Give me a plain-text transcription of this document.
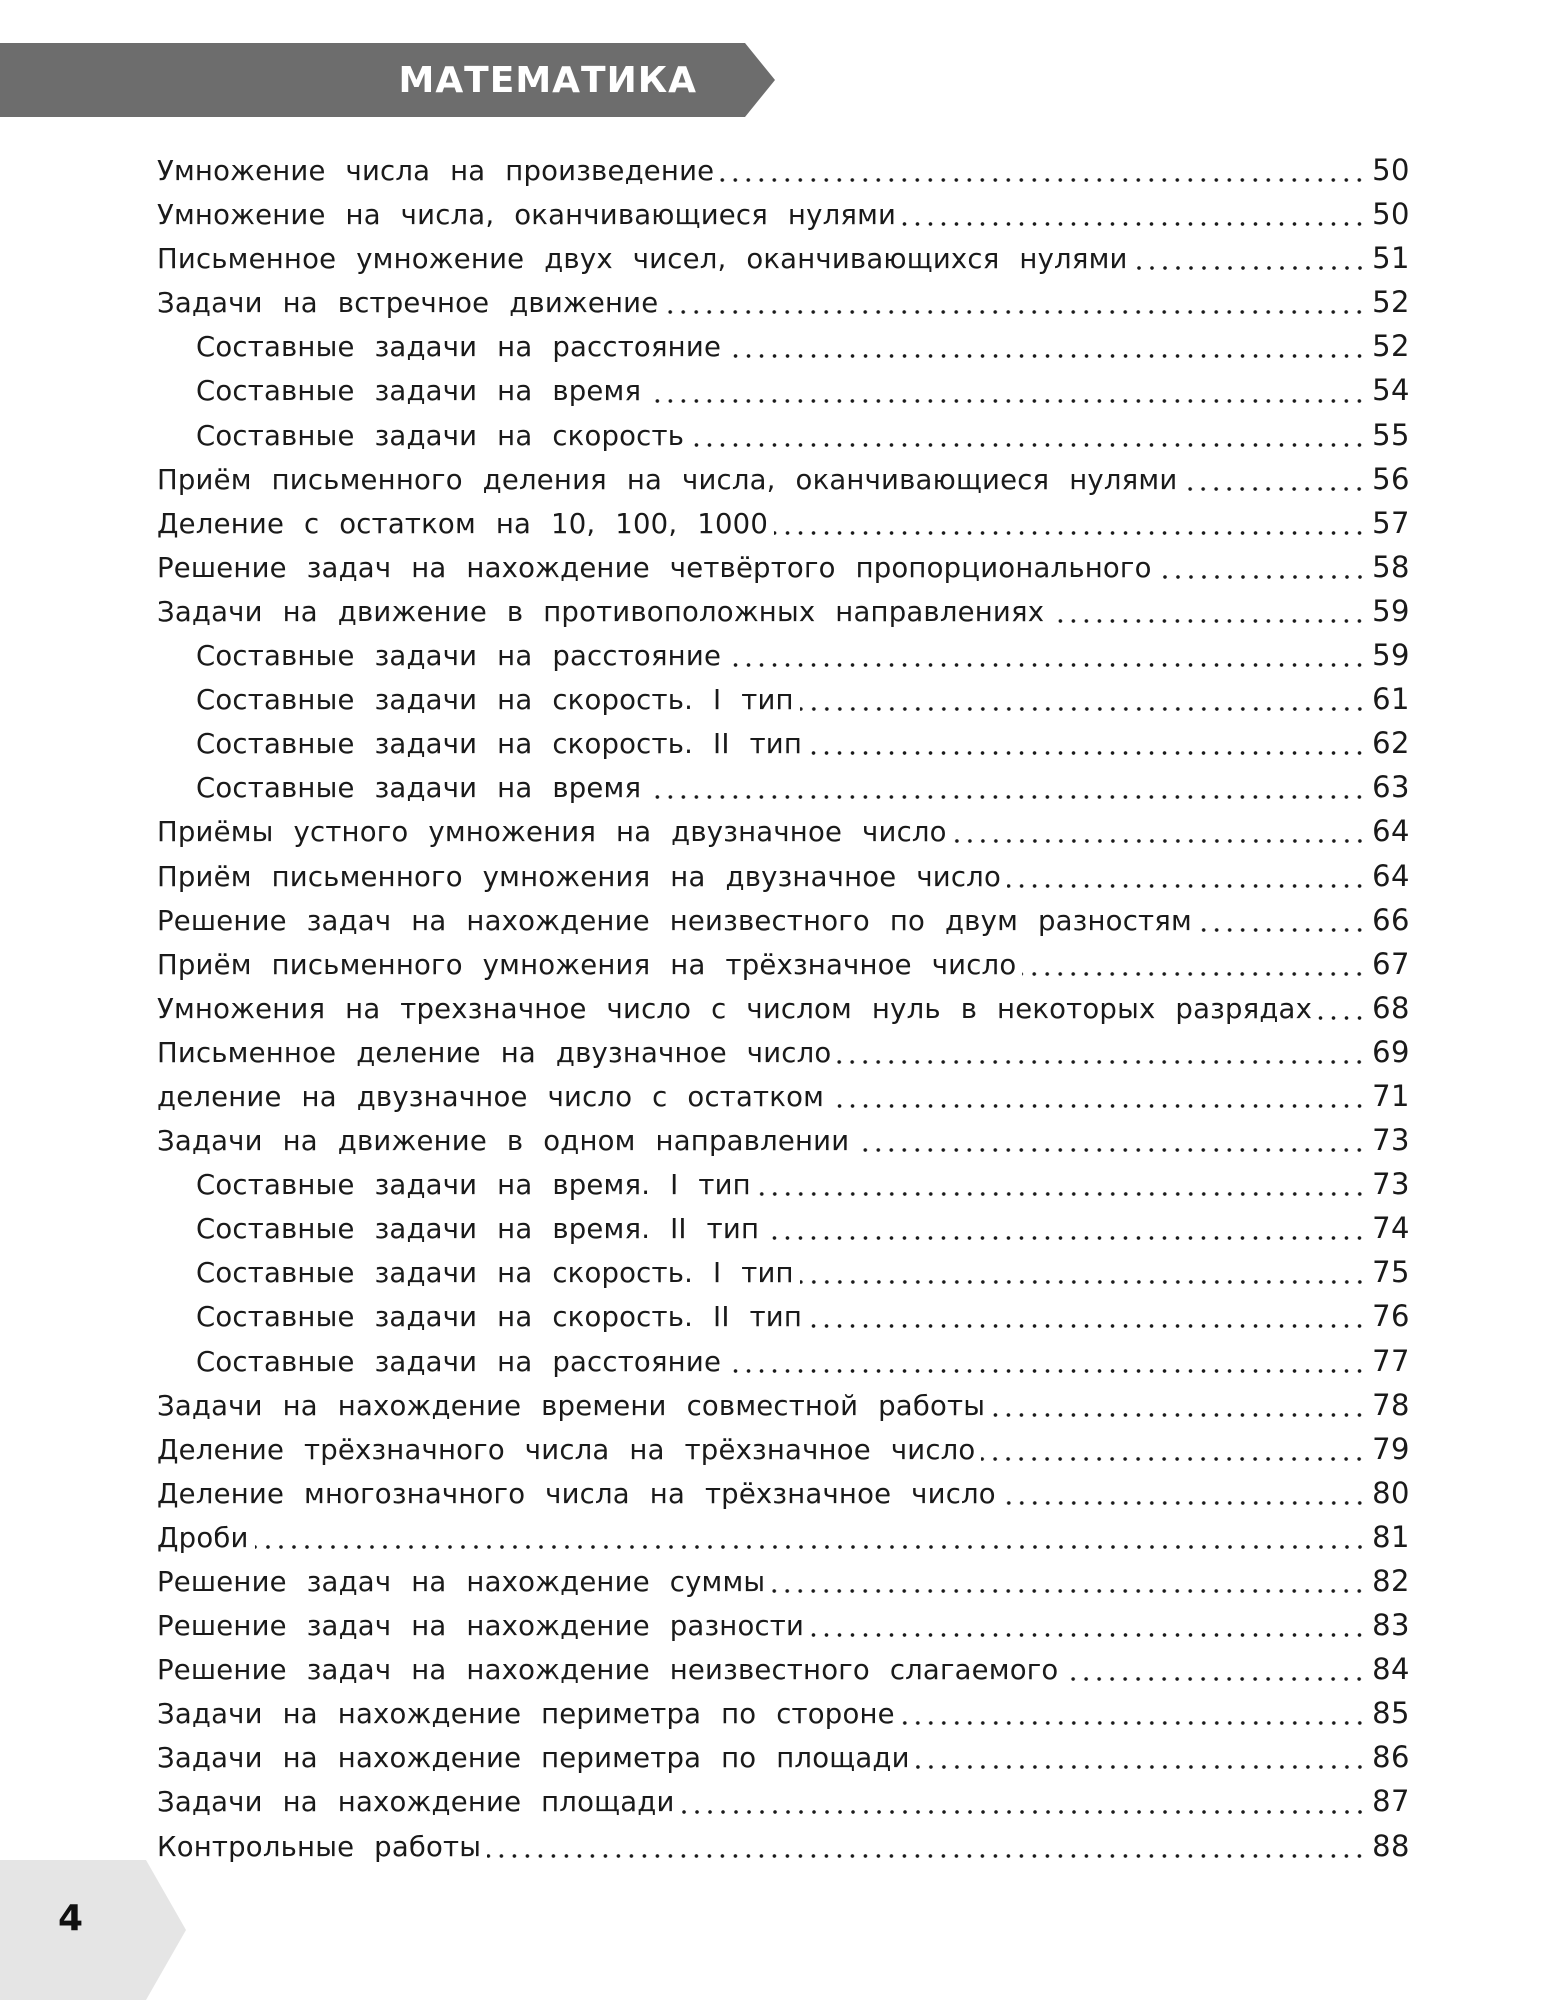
МАТЕМАТИКА
Умножение числа на произведение	50
Умножение на числа, оканчивающиеся нулями	50
Письменное умножение двух чисел, оканчивающихся нулями	51
Задачи на встречное движение	52
Составные задачи на расстояние	52
Составные задачи на время	54
Составные задачи на скорость	55
Приём письменного деления на числа, оканчивающиеся нулями	56
Деление с остатком на 10, 100, 1000	57
Решение задач на нахождение четвёртого пропорционального	58
Задачи на движение в противоположных направлениях	59
Составные задачи на расстояние	59
Составные задачи на скорость. I тип	61
Составные задачи на скорость. II тип	62
Составные задачи на время	63
Приёмы устного умножения на двузначное число	64
Приём письменного умножения на двузначное число	64
Решение задач на нахождение неизвестного по двум разностям	66
Приём письменного умножения на трёхзначное число	67
Умножения на трехзначное число с числом нуль в некоторых разрядах 68
Письменное деление на двузначное число	69
деление на двузначное число с остатком	71
Задачи на движение в одном направлении	73
Составные задачи на время. I тип	73
Составные задачи на время. II тип	74
Составные задачи на скорость. I тип	75
Составные задачи на скорость. II тип	76
Составные задачи на расстояние	77
Задачи на нахождение времени совместной работы	78
Деление трёхзначного числа на трёхзначное число	79
Деление многозначного числа на трёхзначное число	80
Дроби	81
Решение задач на нахождение суммы	82
Решение задач на нахождение разности	83
Решение задач на нахождение неизвестного слагаемого	84
Задачи на нахождение периметра по стороне	85
Задачи на нахождение периметра по площади	86
Задачи на нахождение площади	87
Контрольные работы	88
4
